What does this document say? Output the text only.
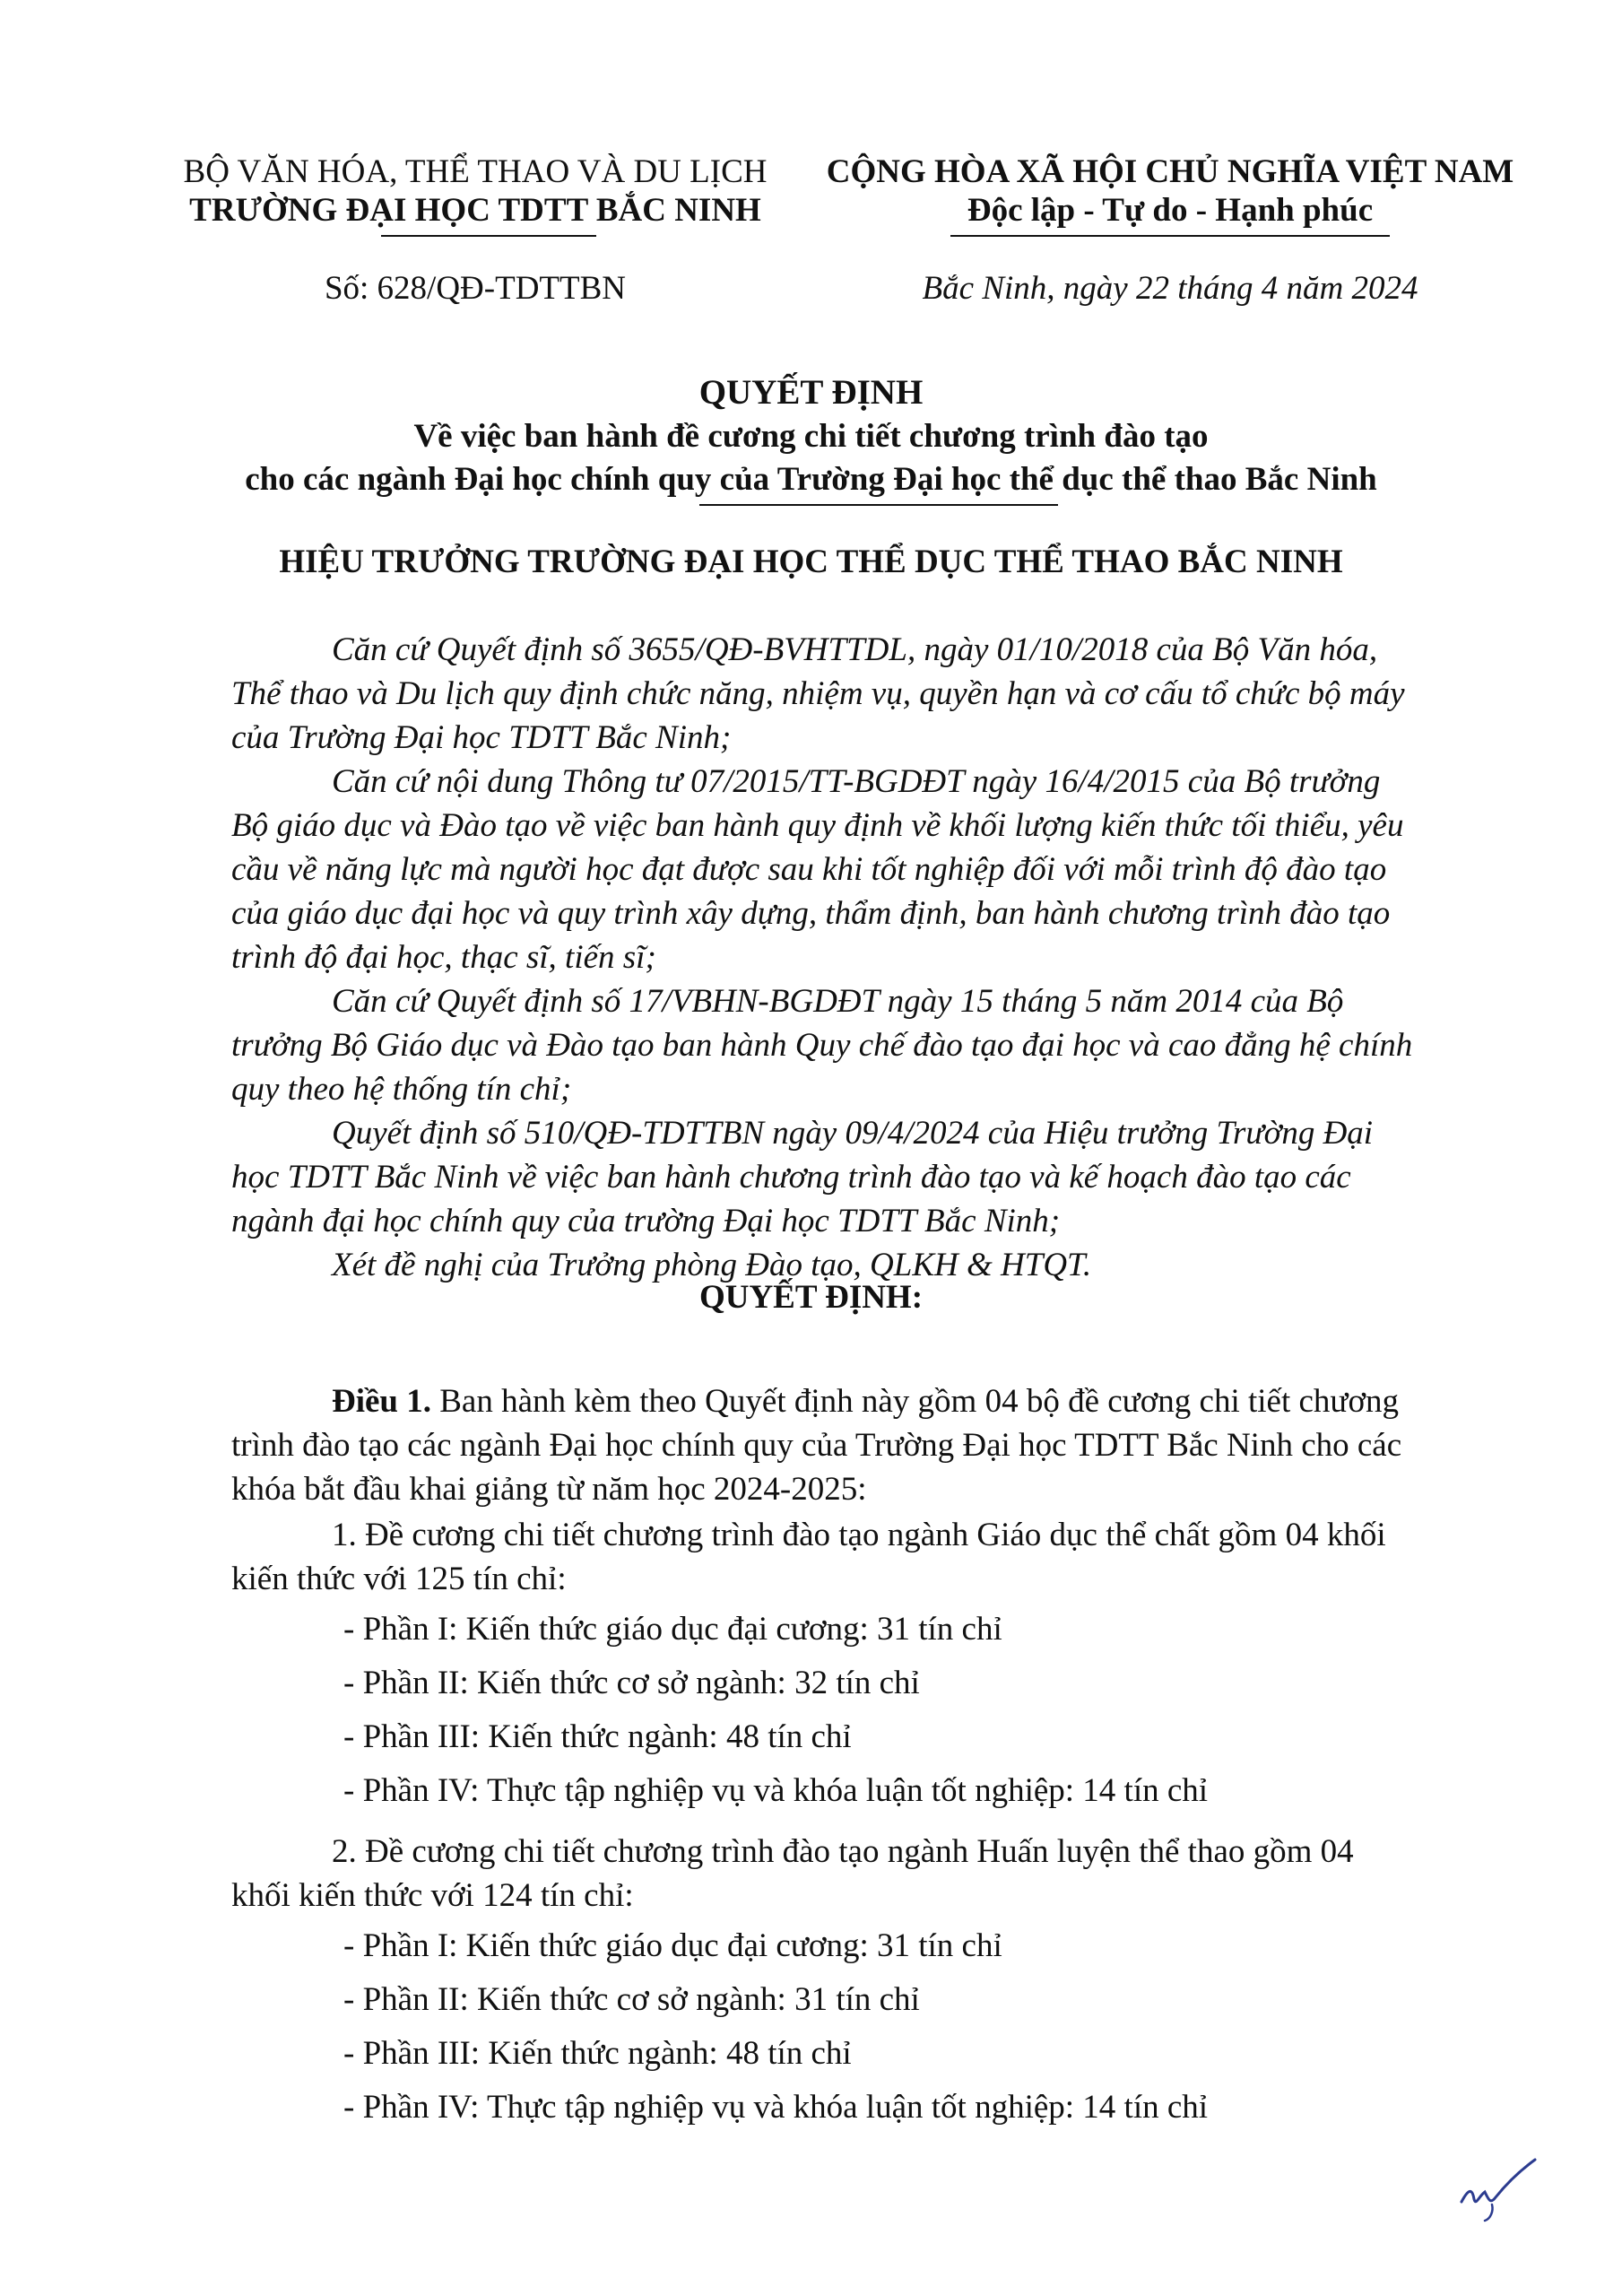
BỘ VĂN HÓA, THỂ THAO VÀ DU LỊCH
TRƯỜNG ĐẠI HỌC TDTT BẮC NINH
CỘNG HÒA XÃ HỘI CHỦ NGHĨA VIỆT NAM
Độc lập - Tự do - Hạnh phúc
Số: 628/QĐ-TDTTBN	Bắc Ninh, ngày 22 tháng 4 năm 2024
QUYẾT ĐỊNH
Về việc ban hành đề cương chi tiết chương trình đào tạo
cho các ngành Đại học chính quy của Trường Đại học thể dục thể thao Bắc Ninh
HIỆU TRƯỞNG TRƯỜNG ĐẠI HỌC THỂ DỤC THỂ THAO BẮC NINH
Căn cứ Quyết định số 3655/QĐ-BVHTTDL, ngày 01/10/2018 của Bộ Văn hóa,
Thể thao và Du lịch quy định chức năng, nhiệm vụ, quyền hạn và cơ cấu tổ chức bộ máy
của Trường Đại học TDTT Bắc Ninh;
Căn cứ nội dung Thông tư 07/2015/TT-BGDĐT ngày 16/4/2015 của Bộ trưởng
Bộ giáo dục và Đào tạo về việc ban hành quy định về khối lượng kiến thức tối thiểu, yêu
cầu về năng lực mà người học đạt được sau khi tốt nghiệp đối với mỗi trình độ đào tạo
của giáo dục đại học và quy trình xây dựng, thẩm định, ban hành chương trình đào tạo
trình độ đại học, thạc sĩ, tiến sĩ;
Căn cứ Quyết định số 17/VBHN-BGDĐT ngày 15 tháng 5 năm 2014 của Bộ
trưởng Bộ Giáo dục và Đào tạo ban hành Quy chế đào tạo đại học và cao đẳng hệ chính
quy theo hệ thống tín chỉ;
Quyết định số 510/QĐ-TDTTBN ngày 09/4/2024 của Hiệu trưởng Trường Đại
học TDTT Bắc Ninh về việc ban hành chương trình đào tạo và kế hoạch đào tạo các
ngành đại học chính quy của trường Đại học TDTT Bắc Ninh;
Xét đề nghị của Trưởng phòng Đào tạo, QLKH & HTQT.
QUYẾT ĐỊNH:
Điều 1. Ban hành kèm theo Quyết định này gồm 04 bộ đề cương chi tiết chương
trình đào tạo các ngành Đại học chính quy của Trường Đại học TDTT Bắc Ninh cho các
khóa bắt đầu khai giảng từ năm học 2024-2025:
1. Đề cương chi tiết chương trình đào tạo ngành Giáo dục thể chất gồm 04 khối
kiến thức với 125 tín chỉ:
- Phần I: Kiến thức giáo dục đại cương: 31 tín chỉ
- Phần II: Kiến thức cơ sở ngành: 32 tín chỉ
- Phần III: Kiến thức ngành: 48 tín chỉ
- Phần IV: Thực tập nghiệp vụ và khóa luận tốt nghiệp: 14 tín chỉ
2. Đề cương chi tiết chương trình đào tạo ngành Huấn luyện thể thao gồm 04
khối kiến thức với 124 tín chỉ:
- Phần I: Kiến thức giáo dục đại cương: 31 tín chỉ
- Phần II: Kiến thức cơ sở ngành: 31 tín chỉ
- Phần III: Kiến thức ngành: 48 tín chỉ
- Phần IV: Thực tập nghiệp vụ và khóa luận tốt nghiệp: 14 tín chỉ
